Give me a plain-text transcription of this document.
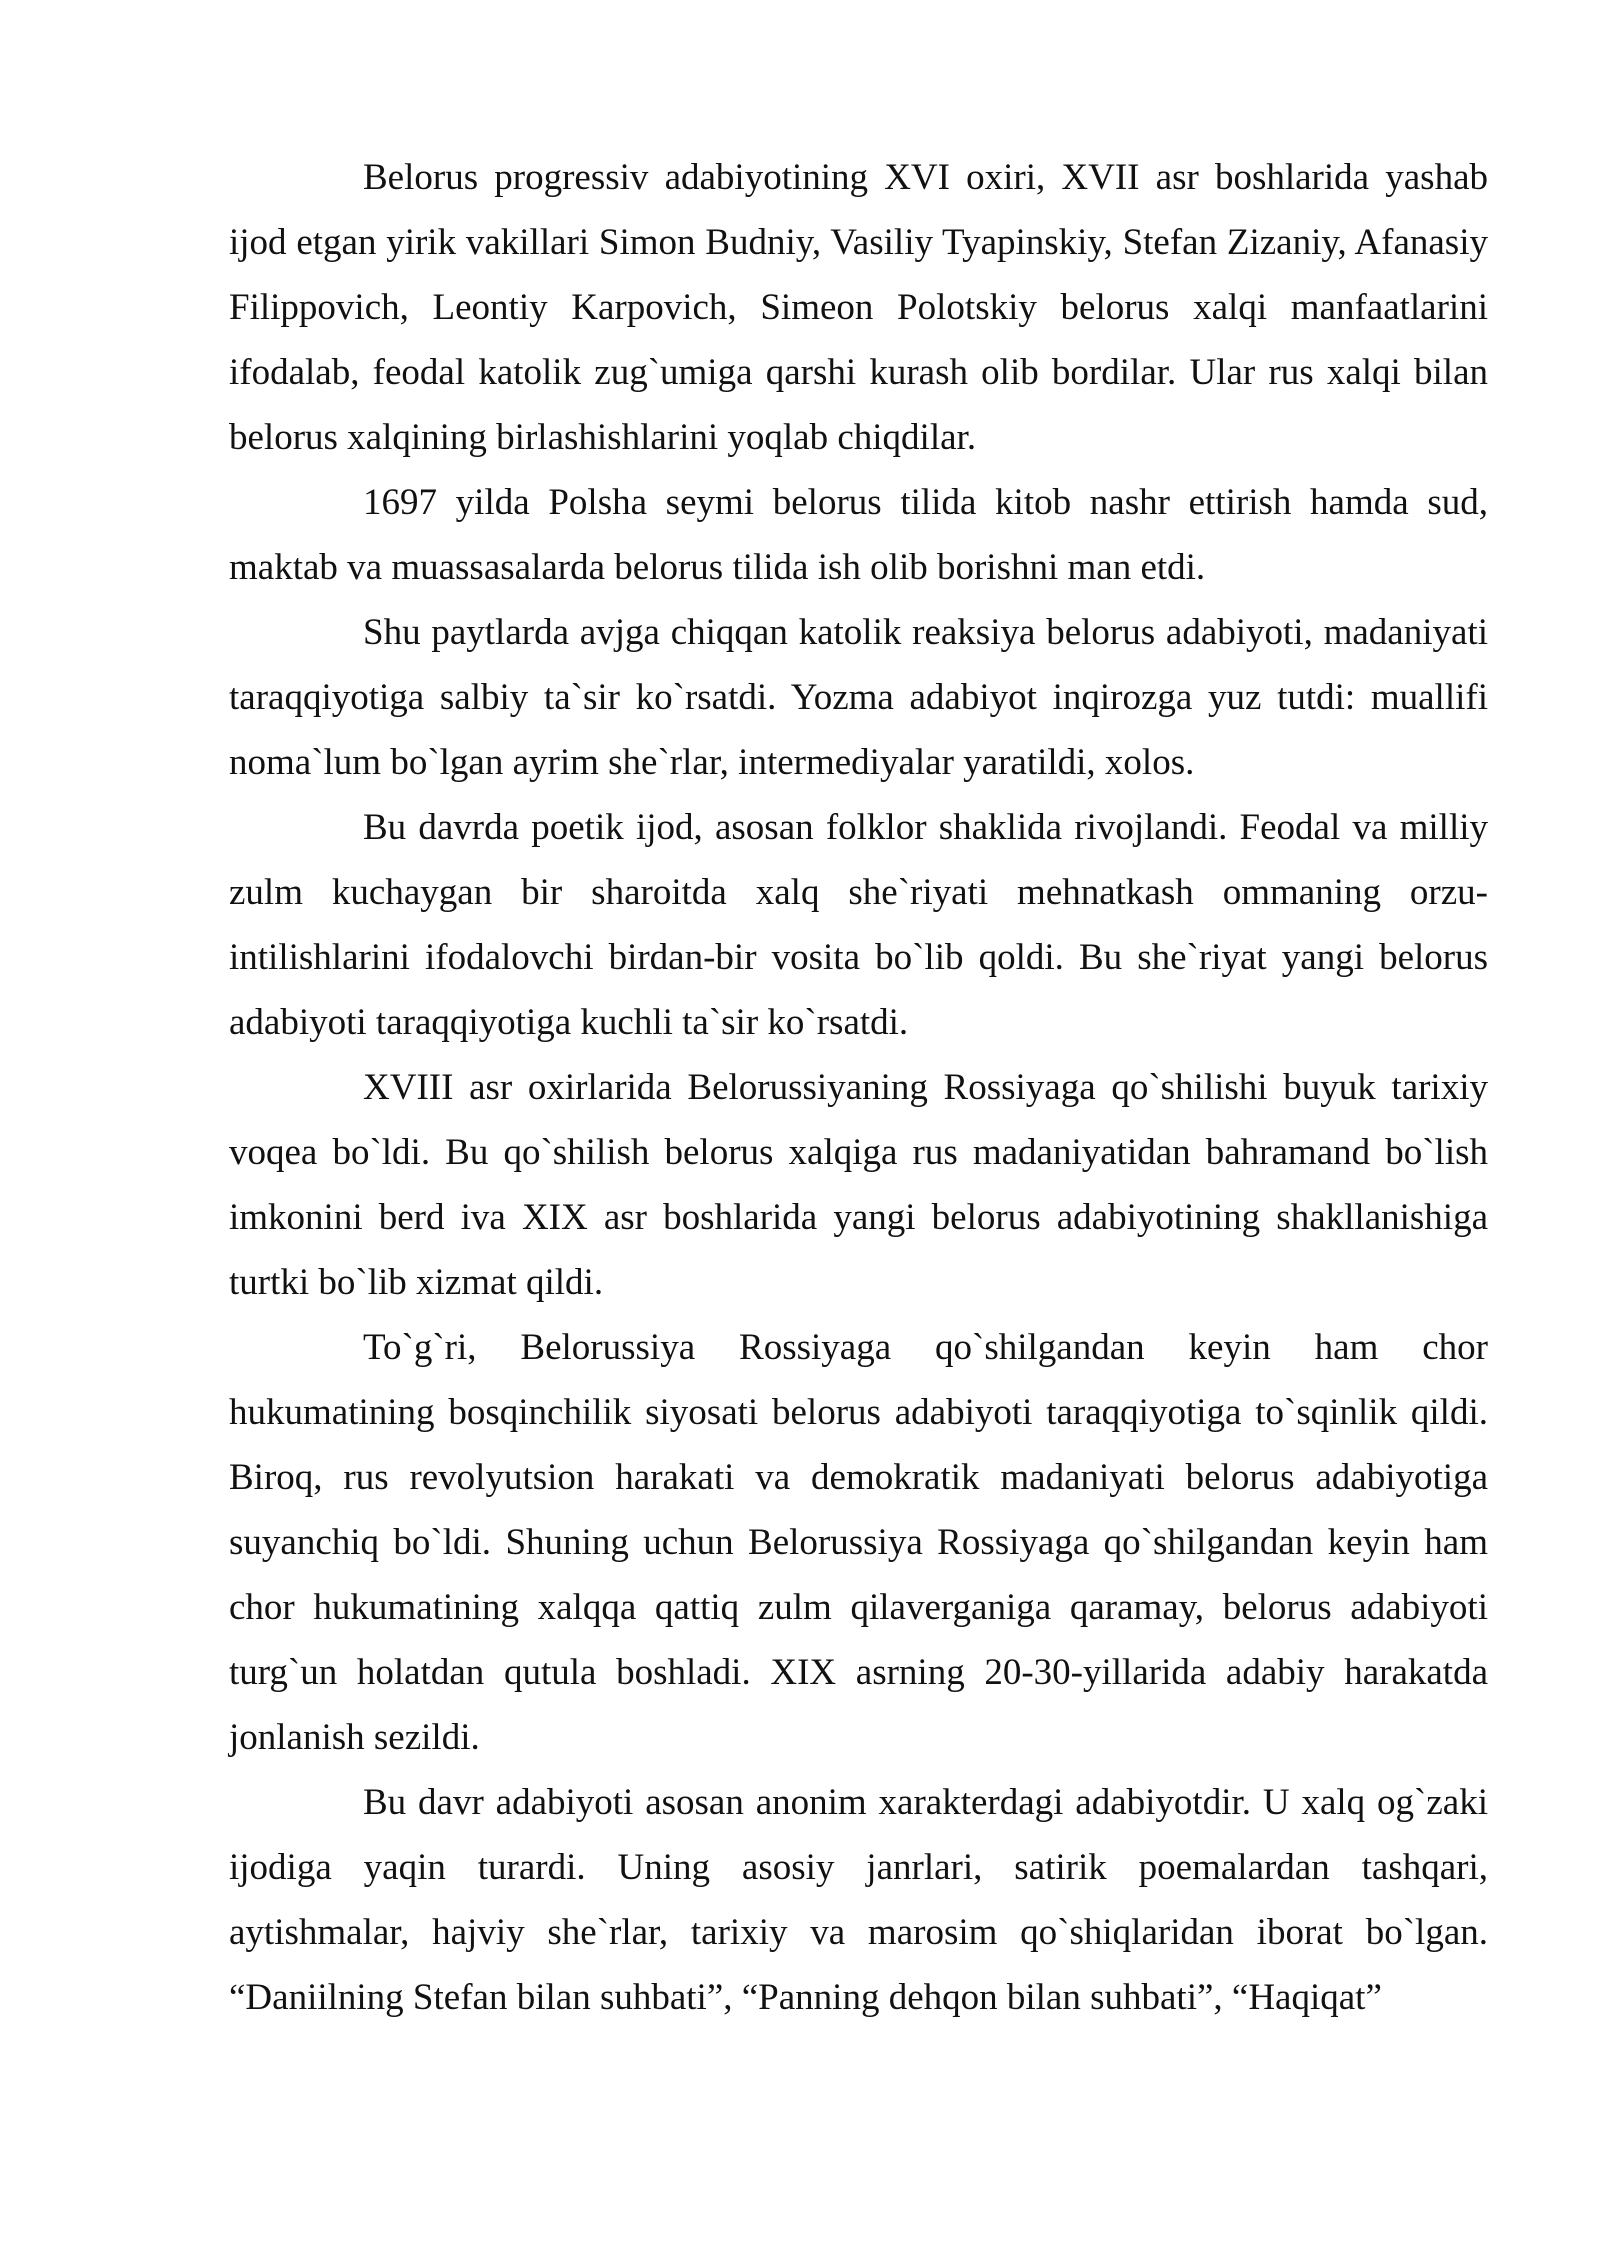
Belorus progressiv adabiyotining XVI oxiri, XVII asr boshlarida yashab ijod etgan yirik vakillari Simon Budniy, Vasiliy Tyapinskiy, Stefan Zizaniy, Afanasiy Filippovich, Leontiy Karpovich, Simeon Polotskiy belorus xalqi manfaatlarini ifodalab, feodal katolik zug`umiga qarshi kurash olib bordilar. Ular rus xalqi bilan belorus xalqining birlashishlarini yoqlab chiqdilar.

1697 yilda Polsha seymi belorus tilida kitob nashr ettirish hamda sud, maktab va muassasalarda belorus tilida ish olib borishni man etdi.

Shu paytlarda avjga chiqqan katolik reaksiya belorus adabiyoti, madaniyati taraqqiyotiga salbiy ta`sir ko`rsatdi. Yozma adabiyot inqirozga yuz tutdi: muallifi noma`lum bo`lgan ayrim she`rlar, intermediyalar yaratildi, xolos.

Bu davrda poetik ijod, asosan folklor shaklida rivojlandi. Feodal va milliy zulm kuchaygan bir sharoitda xalq she`riyati mehnatkash ommaning orzu-intilishlarini ifodalovchi birdan-bir vosita bo`lib qoldi. Bu she`riyat yangi belorus adabiyoti taraqqiyotiga kuchli ta`sir ko`rsatdi.

XVIII asr oxirlarida Belorussiyaning Rossiyaga qo`shilishi buyuk tarixiy voqea bo`ldi. Bu qo`shilish belorus xalqiga rus madaniyatidan bahramand bo`lish imkonini berd iva XIX asr boshlarida yangi belorus adabiyotining shakllanishiga turtki bo`lib xizmat qildi.

To`g`ri, Belorussiya Rossiyaga qo`shilgandan keyin ham chor hukumatining bosqinchilik siyosati belorus adabiyoti taraqqiyotiga to`sqinlik qildi. Biroq, rus revolyutsion harakati va demokratik madaniyati belorus adabiyotiga suyanchiq bo`ldi. Shuning uchun Belorussiya Rossiyaga qo`shilgandan keyin ham chor hukumatining xalqqa qattiq zulm qilaverganiga qaramay, belorus adabiyoti turg`un holatdan qutula boshladi. XIX asrning 20-30-yillarida adabiy harakatda jonlanish sezildi.

Bu davr adabiyoti asosan anonim xarakterdagi adabiyotdir. U xalq og`zaki ijodiga yaqin turardi. Uning asosiy janrlari, satirik poemalardan tashqari, aytishmalar, hajviy she`rlar, tarixiy va marosim qo`shiqlaridan iborat bo`lgan. “Daniilning Stefan bilan suhbati”, “Panning dehqon bilan suhbati”, “Haqiqat”
